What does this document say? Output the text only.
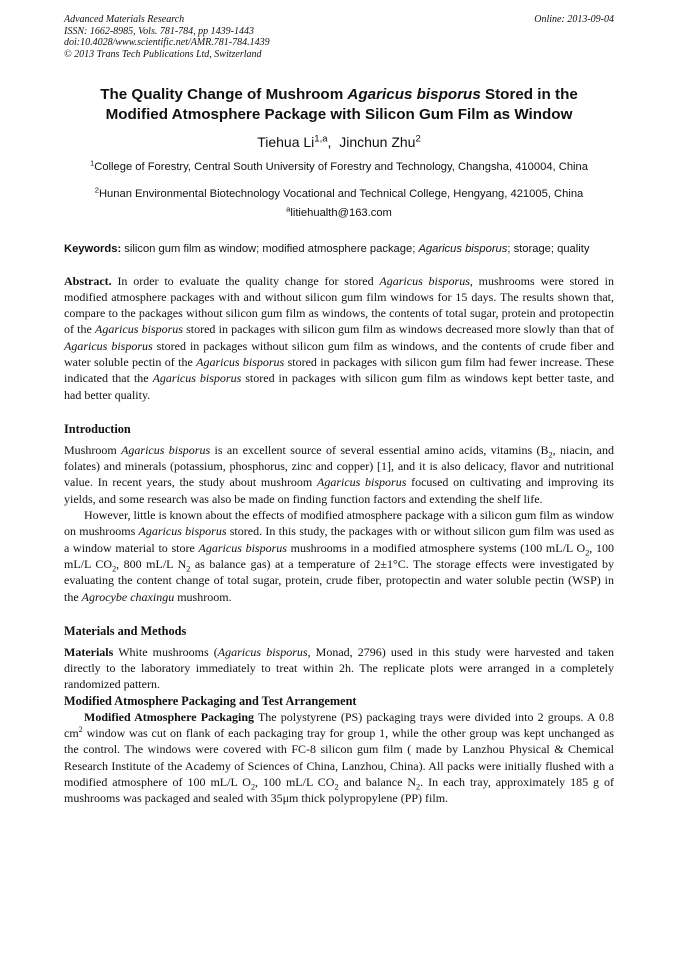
Advanced Materials Research
ISSN: 1662-8985, Vols. 781-784, pp 1439-1443
doi:10.4028/www.scientific.net/AMR.781-784.1439
© 2013 Trans Tech Publications Ltd, Switzerland
Online: 2013-09-04
The Quality Change of Mushroom Agaricus bisporus Stored in the
Modified Atmosphere Package with Silicon Gum Film as Window
Tiehua Li$^{1,a}$,  Jinchun Zhu$^2$
$^1$College of Forestry, Central South University of Forestry and Technology, Changsha, 410004, China
$^2$Hunan Environmental Biotechnology Vocational and Technical College, Hengyang, 421005, China
$^a$litiehualth@163.com
Keywords: silicon gum film as window; modified atmosphere package; Agaricus bisporus; storage; quality

Abstract. In order to evaluate the quality change for stored Agaricus bisporus, mushrooms were stored in modified atmosphere packages with and without silicon gum film windows for 15 days. The results shown that, compare to the packages without silicon gum film as windows, the contents of total sugar, protein and protopectin of the Agaricus bisporus stored in packages with silicon gum film as windows decreased more slowly than that of Agaricus bisporus stored in packages without silicon gum film as windows, and the contents of crude fiber and water soluble pectin of the Agaricus bisporus stored in packages with silicon gum film had fewer increase. These indicated that the Agaricus bisporus stored in packages with silicon gum film as windows kept better taste, and had better quality.

Introduction

Mushroom Agaricus bisporus is an excellent source of several essential amino acids, vitamins ($B_2$, niacin, and folates) and minerals (potassium, phosphorus, zinc and copper) [1], and it is also delicacy, flavor and nutritional value. In recent years, the study about mushroom Agaricus bisporus focused on cultivating and improving its yields, and some research was also be made on finding function factors and extending the shelf life.

However, little is known about the effects of modified atmosphere package with a silicon gum film as window on mushrooms Agaricus bisporus stored. In this study, the packages with or without silicon gum film was used as a window material to store Agaricus bisporus mushrooms in a modified atmosphere systems (100 mL/L $O_2$, 100 mL/L $CO_2$, 800 mL/L $N_2$ as balance gas) at a temperature of 2±1°C. The storage effects were investigated by evaluating the content change of total sugar, protein, crude fiber, protopectin and water soluble pectin (WSP) in the Agrocybe chaxingu mushroom.

Materials and Methods

Materials White mushrooms (Agaricus bisporus, Monad, 2796) used in this study were harvested and taken directly to the laboratory immediately to treat within 2h. The replicate plots were arranged in a completely randomized pattern.

Modified Atmosphere Packaging and Test Arrangement

Modified Atmosphere Packaging The polystyrene (PS) packaging trays were divided into 2 groups. A 0.8 $cm^2$ window was cut on flank of each packaging tray for group 1, while the other group was kept unchanged as the control. The windows were covered with FC-8 silicon gum film ( made by Lanzhou Physical & Chemical Research Institute of the Academy of Sciences of China, Lanzhou, China). All packs were initially flushed with a modified atmosphere of 100 mL/L $O_2$, 100 mL/L $CO_2$ and balance $N_2$. In each tray, approximately 185 g of mushrooms was packaged and sealed with 35μm thick polypropylene (PP) film.
